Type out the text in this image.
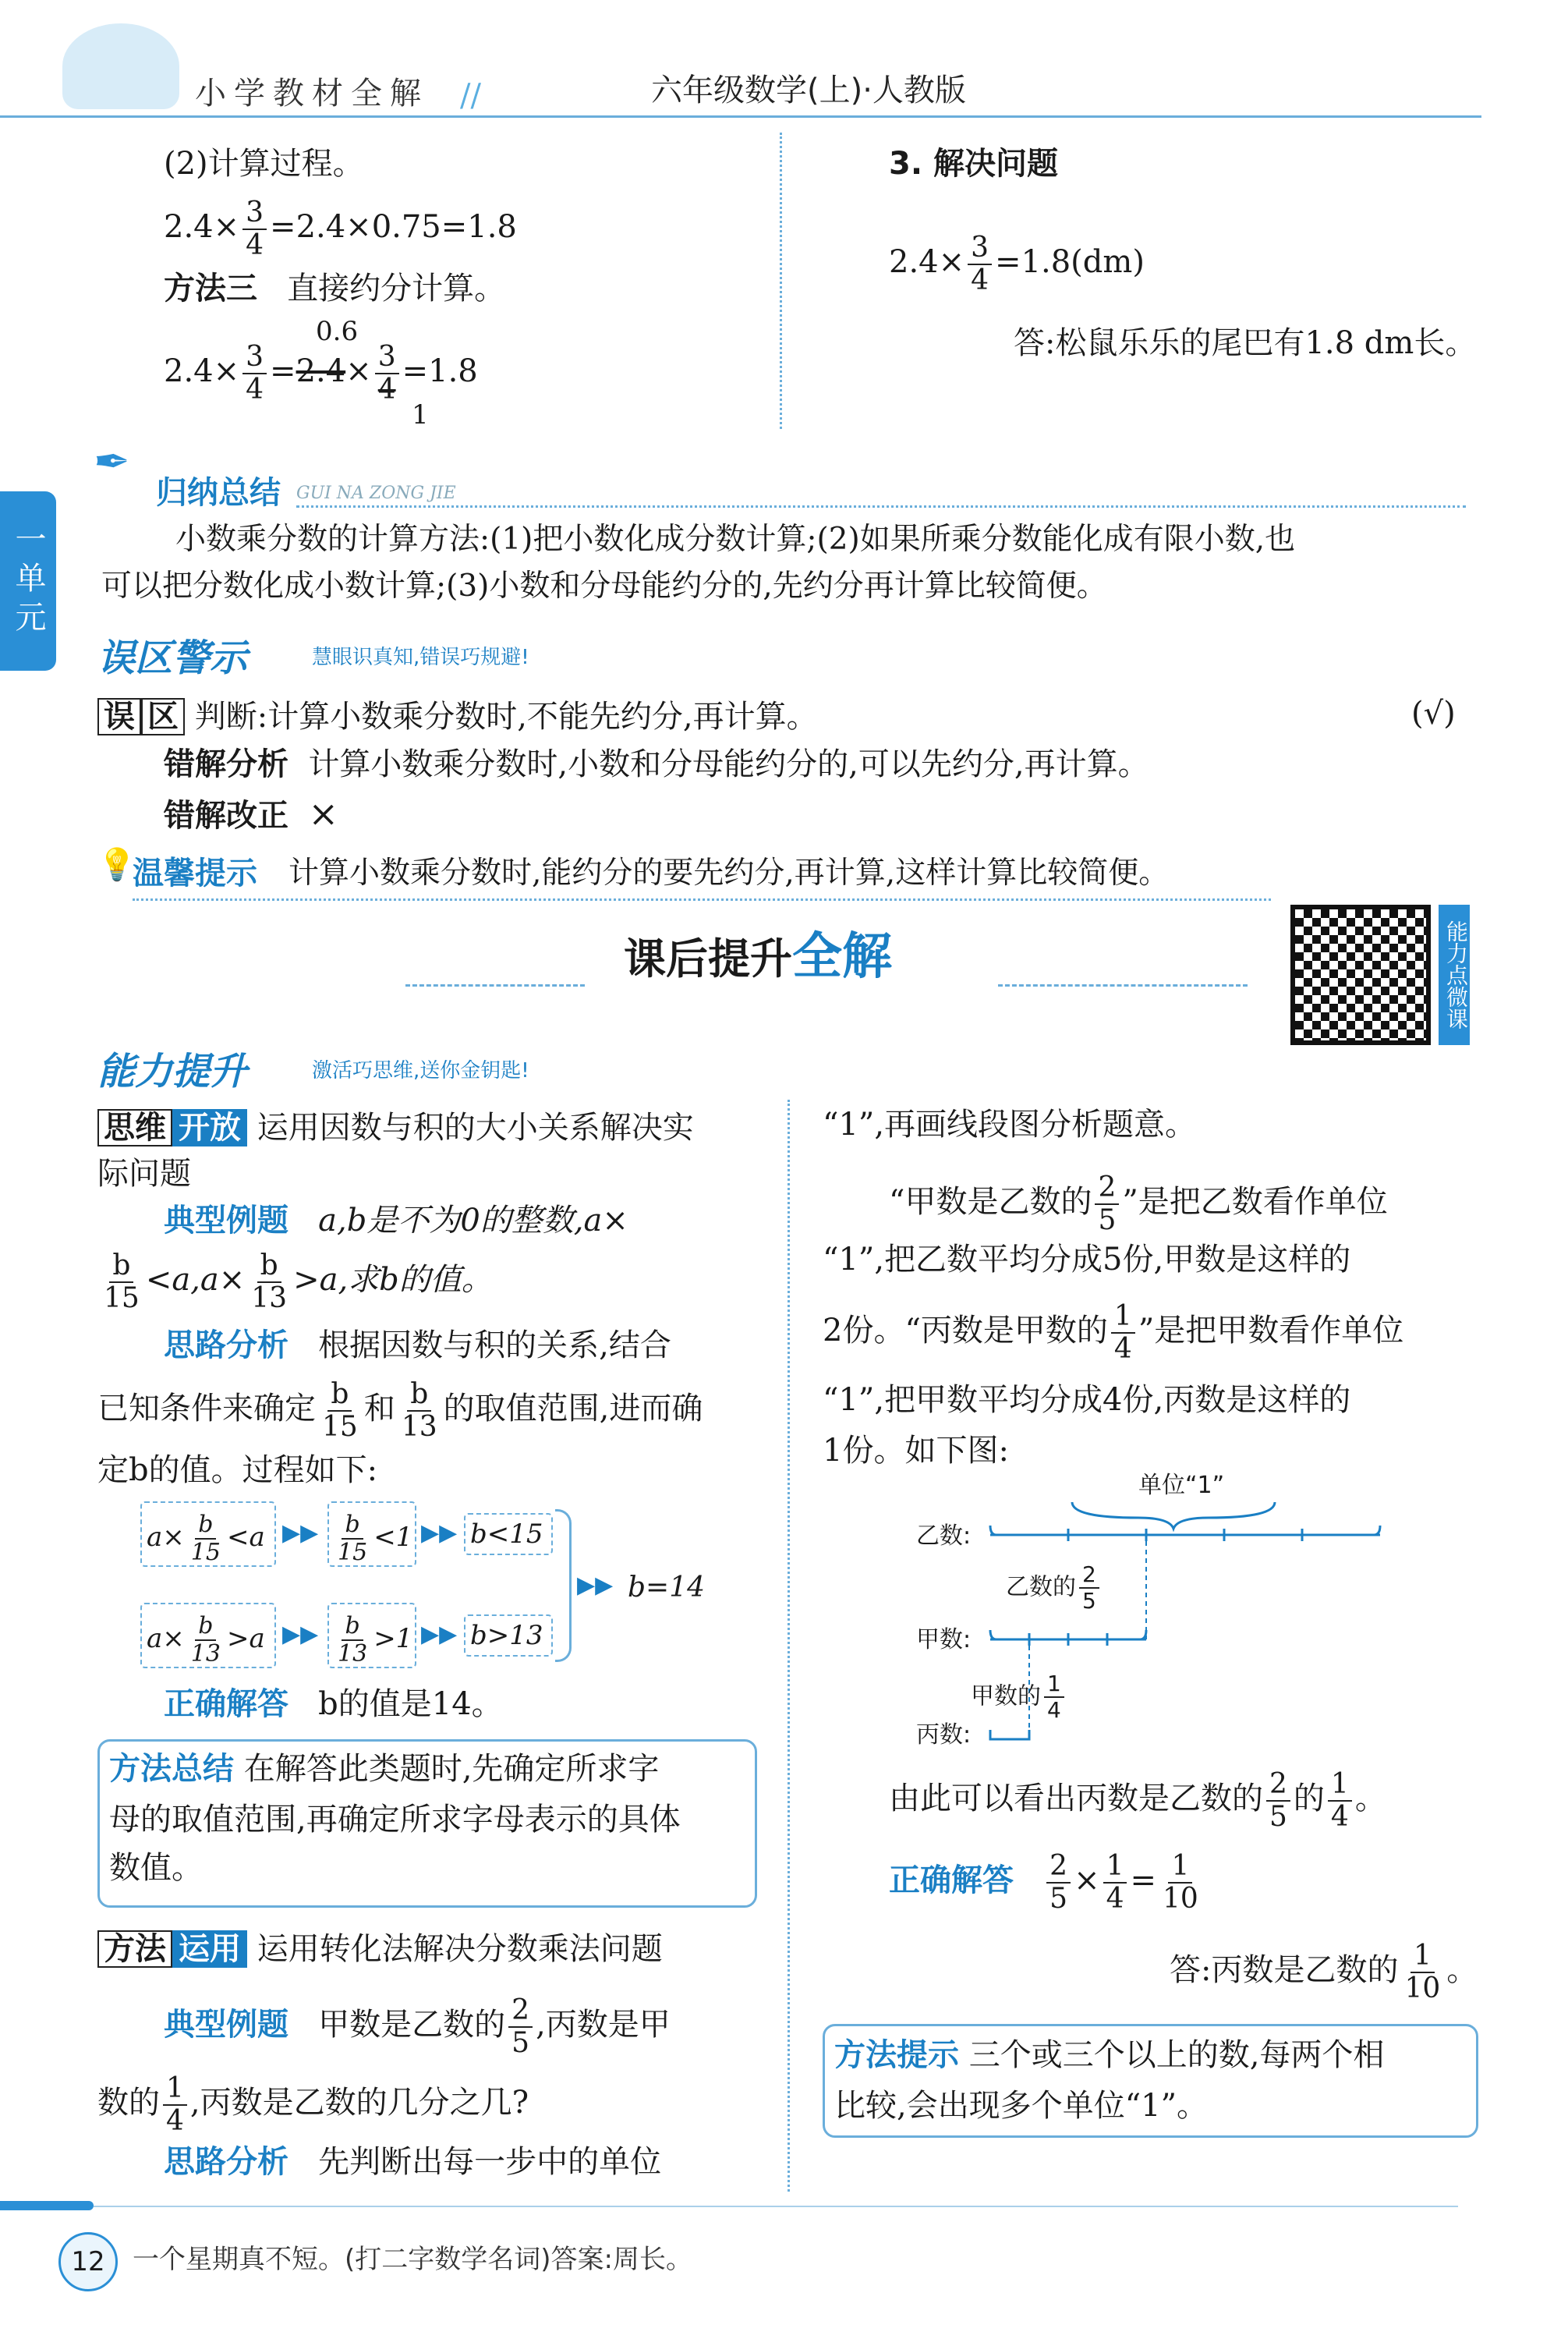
小学教材全解 //	六年级数学(上)·人教版
一单元
(2)计算过程。
$2.4\times \frac{3}{4} =2.4\times 0.75=1.8$
方法三 直接约分计算。
$2.4\times \frac{3}{4} =2.4\times \frac{3}{4} =1.8$
0.6
1
3. 解决问题
$2.4\times \frac{3}{4} =1.8(dm)$
答:松鼠乐乐的尾巴有1.8 dm长。
✒
归纳总结 GUI NA ZONG JIE
小数乘分数的计算方法:(1)把小数化成分数计算;(2)如果所乘分数能化成有限小数,也
可以把分数化成小数计算;(3)小数和分母能约分的,先约分再计算比较简便。
误区警示	慧眼识真知,错误巧规避!
误 区 判断:计算小数乘分数时,不能先约分,再计算。	(√)
错解分析 计算小数乘分数时,小数和分母能约分的,可以先约分,再计算。
错解改正 ×
💡
温馨提示 计算小数乘分数时,能约分的要先约分,再计算,这样计算比较简便。
课后提升全解	能力点微课
能力提升	激活巧思维,送你金钥匙!
思维 开放 运用因数与积的大小关系解决实
际问题
典型例题 a,b是不为0的整数,a×
$\frac{b}{15} <a,a\times \frac{b}{13} >a$,求b的值。
思路分析 根据因数与积的关系,结合
已知条件来确定 $\frac{b}{15}$ 和 $\frac{b}{13}$ 的取值范围,进而确
定b的值。过程如下:
$a\times \frac{b}{15} <a$ ▶▶ $\frac{b}{15} <1$ ▶▶ b<15
$a\times \frac{b}{13} >a$ ▶▶ $\frac{b}{13} >1$ ▶▶ b>13
▶▶ b=14
正确解答 b的值是14。
方法总结 在解答此类题时,先确定所求字
母的取值范围,再确定所求字母表示的具体
数值。
方法 运用 运用转化法解决分数乘法问题
典型例题 甲数是乙数的 $\frac{2}{5}$ ,丙数是甲
数的 $\frac{1}{4}$ ,丙数是乙数的几分之几?
思路分析 先判断出每一步中的单位
“1”,再画线段图分析题意。
“甲数是乙数的 $\frac{2}{5}$ ”是把乙数看作单位
“1”,把乙数平均分成5份,甲数是这样的
2份。“丙数是甲数的 $\frac{1}{4}$ ”是把甲数看作单位
“1”,把甲数平均分成4份,丙数是这样的
1份。如下图:
单位“1”
乙数:
乙数的 $\frac{2}{5}$
甲数:
甲数的 $\frac{1}{4}$
丙数:
由此可以看出丙数是乙数的 $\frac{2}{5}$ 的 $\frac{1}{4}$ 。
正确解答 $\frac{2}{5} \times \frac{1}{4} = \frac{1}{10}$
答:丙数是乙数的 $\frac{1}{10}$ 。
方法提示 三个或三个以上的数,每两个相
比较,会出现多个单位“1”。
12	一个星期真不短。(打二字数学名词)答案:周长。
